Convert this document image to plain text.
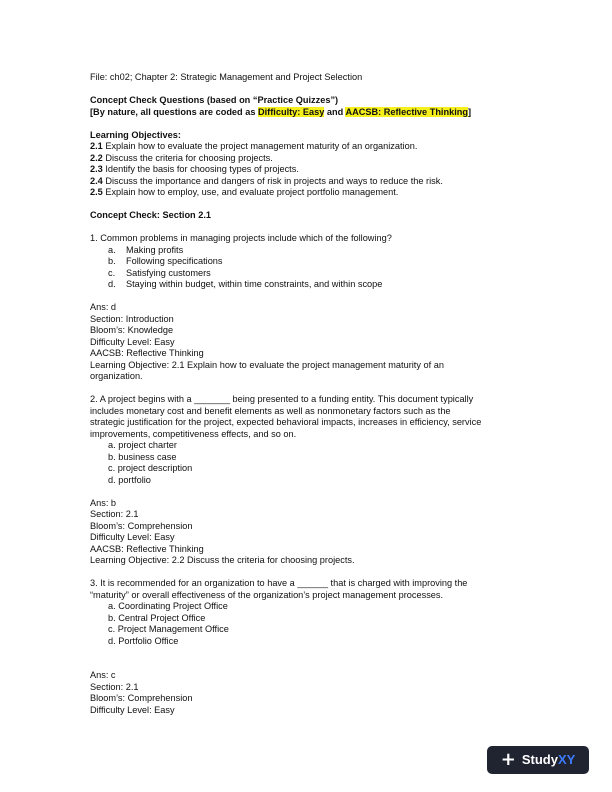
File: ch02; Chapter 2: Strategic Management and Project Selection
Concept Check Questions (based on “Practice Quizzes”)
[By nature, all questions are coded as Difficulty: Easy and AACSB: Reflective Thinking]
Learning Objectives:
2.1 Explain how to evaluate the project management maturity of an organization.
2.2 Discuss the criteria for choosing projects.
2.3 Identify the basis for choosing types of projects.
2.4 Discuss the importance and dangers of risk in projects and ways to reduce the risk.
2.5 Explain how to employ, use, and evaluate project portfolio management.
Concept Check: Section 2.1
1. Common problems in managing projects include which of the following?
a. Making profits
b. Following specifications
c. Satisfying customers
d. Staying within budget, within time constraints, and within scope
Ans: d
Section: Introduction
Bloom’s: Knowledge
Difficulty Level: Easy
AACSB: Reflective Thinking
Learning Objective: 2.1 Explain how to evaluate the project management maturity of an
organization.
2. A project begins with a _______ being presented to a funding entity. This document typically
includes monetary cost and benefit elements as well as nonmonetary factors such as the
strategic justification for the project, expected behavioral impacts, increases in efficiency, service
improvements, competitiveness effects, and so on.
a. project charter
b. business case
c. project description
d. portfolio
Ans: b
Section: 2.1
Bloom’s: Comprehension
Difficulty Level: Easy
AACSB: Reflective Thinking
Learning Objective: 2.2 Discuss the criteria for choosing projects.
3. It is recommended for an organization to have a ______ that is charged with improving the
“maturity” or overall effectiveness of the organization’s project management processes.
a. Coordinating Project Office
b. Central Project Office
c. Project Management Office
d. Portfolio Office
Ans: c
Section: 2.1
Bloom’s: Comprehension
Difficulty Level: Easy
+ StudyXY
